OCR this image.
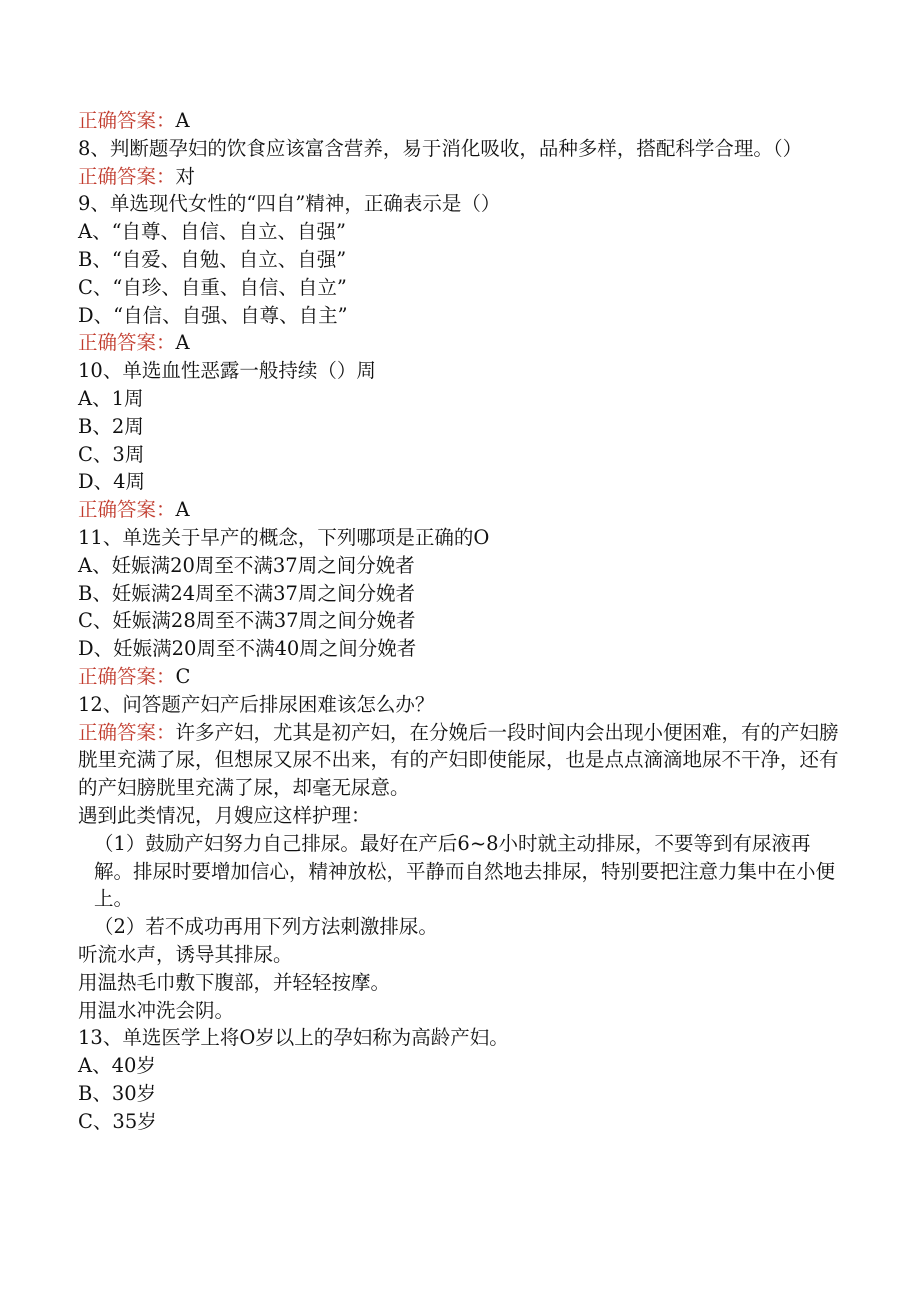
正确答案：A

8、判断题孕妇的饮食应该富含营养，易于消化吸收，品种多样，搭配科学合理。（）

正确答案：对

9、单选现代女性的“四自”精神，正确表示是（）

A、“自尊、自信、自立、自强”

B、“自爱、自勉、自立、自强”

C、“自珍、自重、自信、自立”

D、“自信、自强、自尊、自主”

正确答案：A

10、单选血性恶露一般持续（）周

A、1周

B、2周

C、3周

D、4周

正确答案：A

11、单选关于早产的概念，下列哪项是正确的O

A、妊娠满20周至不满37周之间分娩者

B、妊娠满24周至不满37周之间分娩者

C、妊娠满28周至不满37周之间分娩者

D、妊娠满20周至不满40周之间分娩者

正确答案：C

12、问答题产妇产后排尿困难该怎么办？

正确答案：许多产妇，尤其是初产妇，在分娩后一段时间内会出现小便困难，有的产妇膀胱里充满了尿，但想尿又尿不出来，有的产妇即使能尿，也是点点滴滴地尿不干净，还有的产妇膀胱里充满了尿，却毫无尿意。

遇到此类情况，月嫂应这样护理：

（1）鼓励产妇努力自己排尿。最好在产后6~8小时就主动排尿，不要等到有尿液再解。排尿时要增加信心，精神放松，平静而自然地去排尿，特别要把注意力集中在小便上。

（2）若不成功再用下列方法刺激排尿。

听流水声，诱导其排尿。

用温热毛巾敷下腹部，并轻轻按摩。

用温水冲洗会阴。

13、单选医学上将O岁以上的孕妇称为高龄产妇。

A、40岁

B、30岁

C、35岁
